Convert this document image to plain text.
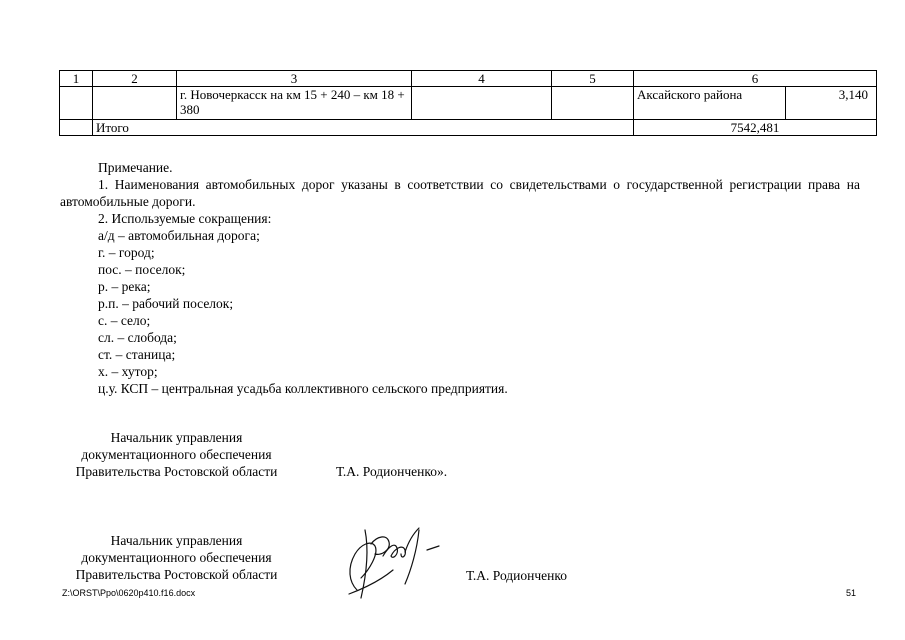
1	2	3	4	5	6	
		г. Новочеркасск на км 15 + 240 – км 18 + 380			Аксайского района	3,140
	Итого				7542,481	
Примечание.
1. Наименования автомобильных дорог указаны в соответствии со свидетельствами о государственной регистрации права на автомобильные дороги.
2. Используемые сокращения:
а/д – автомобильная дорога;
г. – город;
пос. – поселок;
р. – река;
р.п. – рабочий поселок;
с. – село;
сл. – слобода;
ст. – станица;
х. – хутор;
ц.у. КСП – центральная усадьба коллективного сельского предприятия.
Начальник управления
документационного обеспечения
Правительства Ростовской области	Т.А. Родионченко».
Начальник управления
документационного обеспечения
Правительства Ростовской области	Т.А. Родионченко
Z:\ORST\Ppo\0620p410.f16.docx	51
